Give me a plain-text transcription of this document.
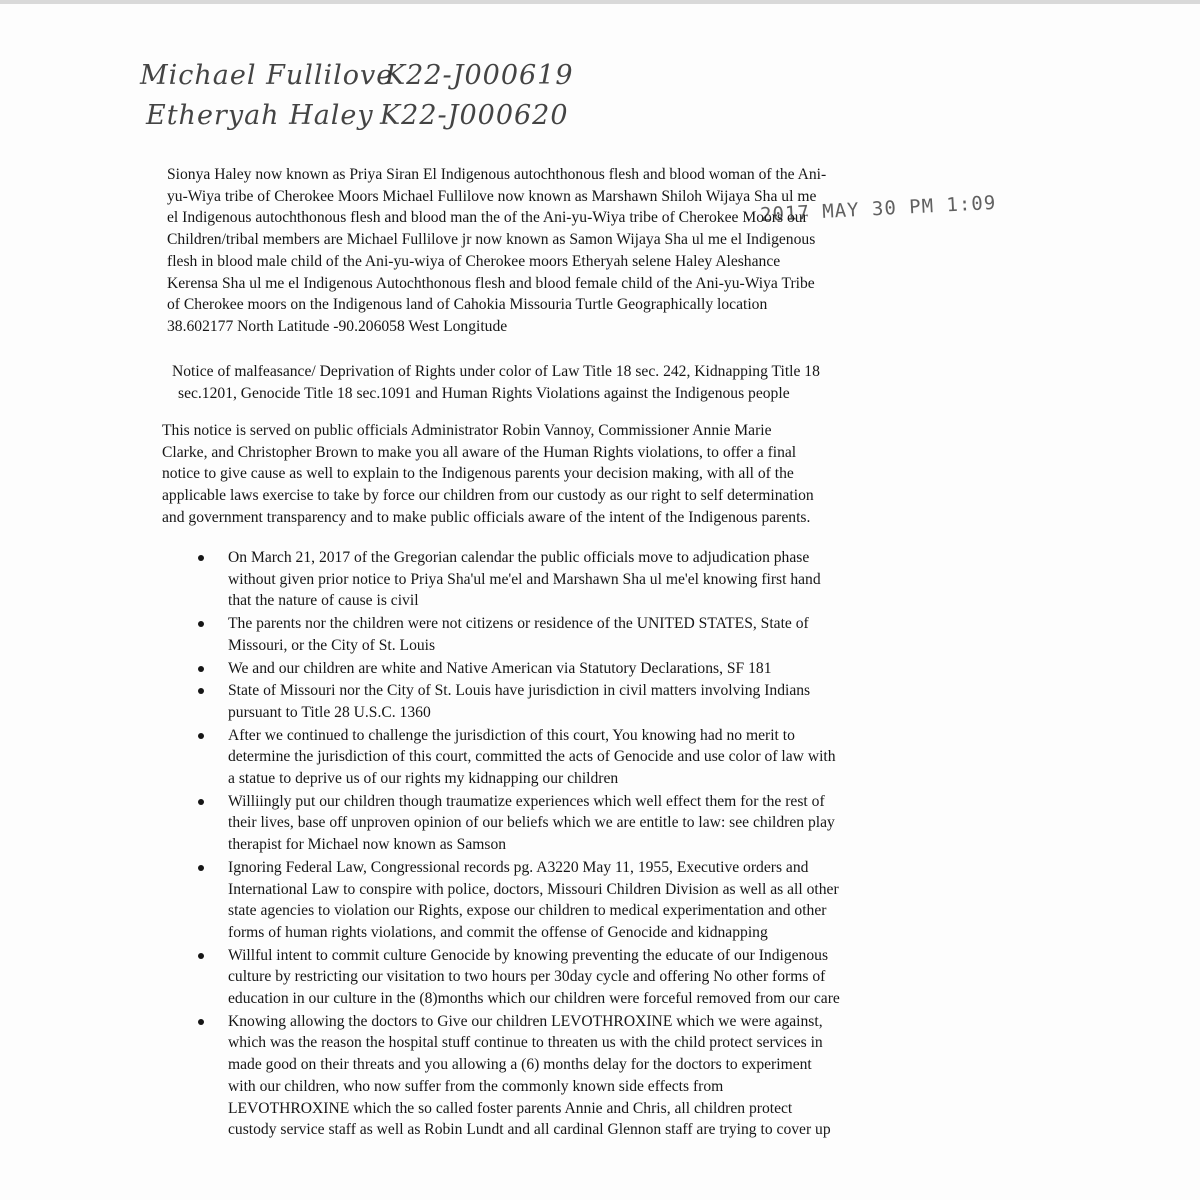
Michael Fullilove
K22-J000619
Etheryah Haley K22-J000620
2017 MAY 30 PM 1:09
Sionya Haley now known as Priya Siran El Indigenous autochthonous flesh and blood woman of the Ani-
yu-Wiya tribe of Cherokee Moors Michael Fullilove now known as Marshawn Shiloh Wijaya Sha ul me
el Indigenous autochthonous flesh and blood man the of the Ani-yu-Wiya tribe of Cherokee Moors our
Children/tribal members are Michael Fullilove jr now known as Samon Wijaya Sha ul me el Indigenous
flesh in blood male child of the Ani-yu-wiya of Cherokee moors Etheryah selene Haley Aleshance
Kerensa Sha ul me el Indigenous Autochthonous flesh and blood female child of the Ani-yu-Wiya Tribe
of Cherokee moors on the Indigenous land of Cahokia Missouria Turtle Geographically location
38.602177 North Latitude -90.206058 West Longitude
Notice of malfeasance/ Deprivation of Rights under color of Law Title 18 sec. 242, Kidnapping Title 18
sec.1201, Genocide Title 18 sec.1091 and Human Rights Violations against the Indigenous people
This notice is served on public officials Administrator Robin Vannoy, Commissioner Annie Marie
Clarke, and Christopher Brown to make you all aware of the Human Rights violations, to offer a final
notice to give cause as well to explain to the Indigenous parents your decision making, with all of the
applicable laws exercise to take by force our children from our custody as our right to self determination
and government transparency and to make public officials aware of the intent of the Indigenous parents.
On March 21, 2017 of the Gregorian calendar the public officials move to adjudication phase
without given prior notice to Priya Sha'ul me'el and Marshawn Sha ul me'el knowing first hand
that the nature of cause is civil
The parents nor the children were not citizens or residence of the UNITED STATES, State of
Missouri, or the City of St. Louis
We and our children are white and Native American via Statutory Declarations, SF 181
State of Missouri nor the City of St. Louis have jurisdiction in civil matters involving Indians
pursuant to Title 28 U.S.C. 1360
After we continued to challenge the jurisdiction of this court, You knowing had no merit to
determine the jurisdiction of this court, committed the acts of Genocide and use color of law with
a statue to deprive us of our rights my kidnapping our children
Williingly put our children though traumatize experiences which well effect them for the rest of
their lives, base off unproven opinion of our beliefs which we are entitle to law: see children play
therapist for Michael now known as Samson
Ignoring Federal Law, Congressional records pg. A3220 May 11, 1955, Executive orders and
International Law to conspire with police, doctors, Missouri Children Division as well as all other
state agencies to violation our Rights, expose our children to medical experimentation and other
forms of human rights violations, and commit the offense of Genocide and kidnapping
Willful intent to commit culture Genocide by knowing preventing the educate of our Indigenous
culture by restricting our visitation to two hours per 30day cycle and offering No other forms of
education in our culture in the (8)months which our children were forceful removed from our care
Knowing allowing the doctors to Give our children LEVOTHROXINE which we were against,
which was the reason the hospital stuff continue to threaten us with the child protect services in
made good on their threats and you allowing a (6) months delay for the doctors to experiment
with our children, who now suffer from the commonly known side effects from
LEVOTHROXINE which the so called foster parents Annie and Chris, all children protect
custody service staff as well as Robin Lundt and all cardinal Glennon staff are trying to cover up
